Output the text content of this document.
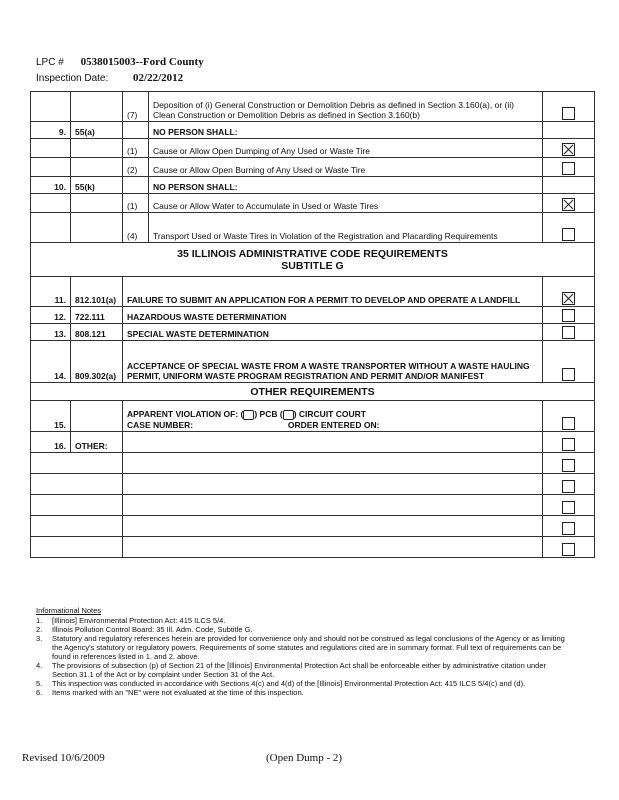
LPC # 0538015003--Ford County
Inspection Date: 02/22/2012
		(7)	Deposition of (i) General Construction or Demolition Debris as defined in Section 3.160(a), or (ii) Clean Construction or Demolition Debris as defined in Section 3.160(b)	
9.	55(a)		NO PERSON SHALL:	
		(1)	Cause or Allow Open Dumping of Any Used or Waste Tire	
		(2)	Cause or Allow Open Burning of Any Used or Waste Tire	
10.	55(k)		NO PERSON SHALL:	
		(1)	Cause or Allow Water to Accumulate in Used or Waste Tires	
		(4)	Transport Used or Waste Tires in Violation of the Registration and Placarding Requirements	

35 ILLINOIS ADMINISTRATIVE CODE REQUIREMENTS
SUBTITLE G				

11.	812.101(a)	FAILURE TO SUBMIT AN APPLICATION FOR A PERMIT TO DEVELOP AND OPERATE A LANDFILL		
12.	722.111	HAZARDOUS WASTE DETERMINATION		
13.	808.121	SPECIAL WASTE DETERMINATION		
14.	809.302(a)	ACCEPTANCE OF SPECIAL WASTE FROM A WASTE TRANSPORTER WITHOUT A WASTE HAULING PERMIT, UNIFORM WASTE PROGRAM REGISTRATION AND PERMIT AND/OR MANIFEST		
OTHER REQUIREMENTS				
15.		APPARENT VIOLATION OF: ( ) PCB ( ) CIRCUIT COURT
CASE NUMBER: ORDER ENTERED ON:		

16.	OTHER:			

Informational Notes
1.	[Illinois] Environmental Protection Act: 415 ILCS 5/4.
2.	Illinois Pollution Control Board: 35 Ill. Adm. Code, Subtitle G.
3.	Statutory and regulatory references herein are provided for convenience only and should not be construed as legal conclusions of the Agency or as limiting the Agency's statutory or regulatory powers. Requirements of some statutes and regulations cited are in summary format. Full text of requirements can be found in references listed in 1. and 2. above.
4.	The provisions of subsection (p) of Section 21 of the [Illinois] Environmental Protection Act shall be enforceable either by administrative citation under Section 31.1 of the Act or by complaint under Section 31 of the Act.
5.	This inspection was conducted in accordance with Sections 4(c) and 4(d) of the [Illinois] Environmental Protection Act: 415 ILCS 5/4(c) and (d).
6.	Items marked with an "NE" were not evaluated at the time of this inspection.
Revised 10/6/2009	(Open Dump - 2)
